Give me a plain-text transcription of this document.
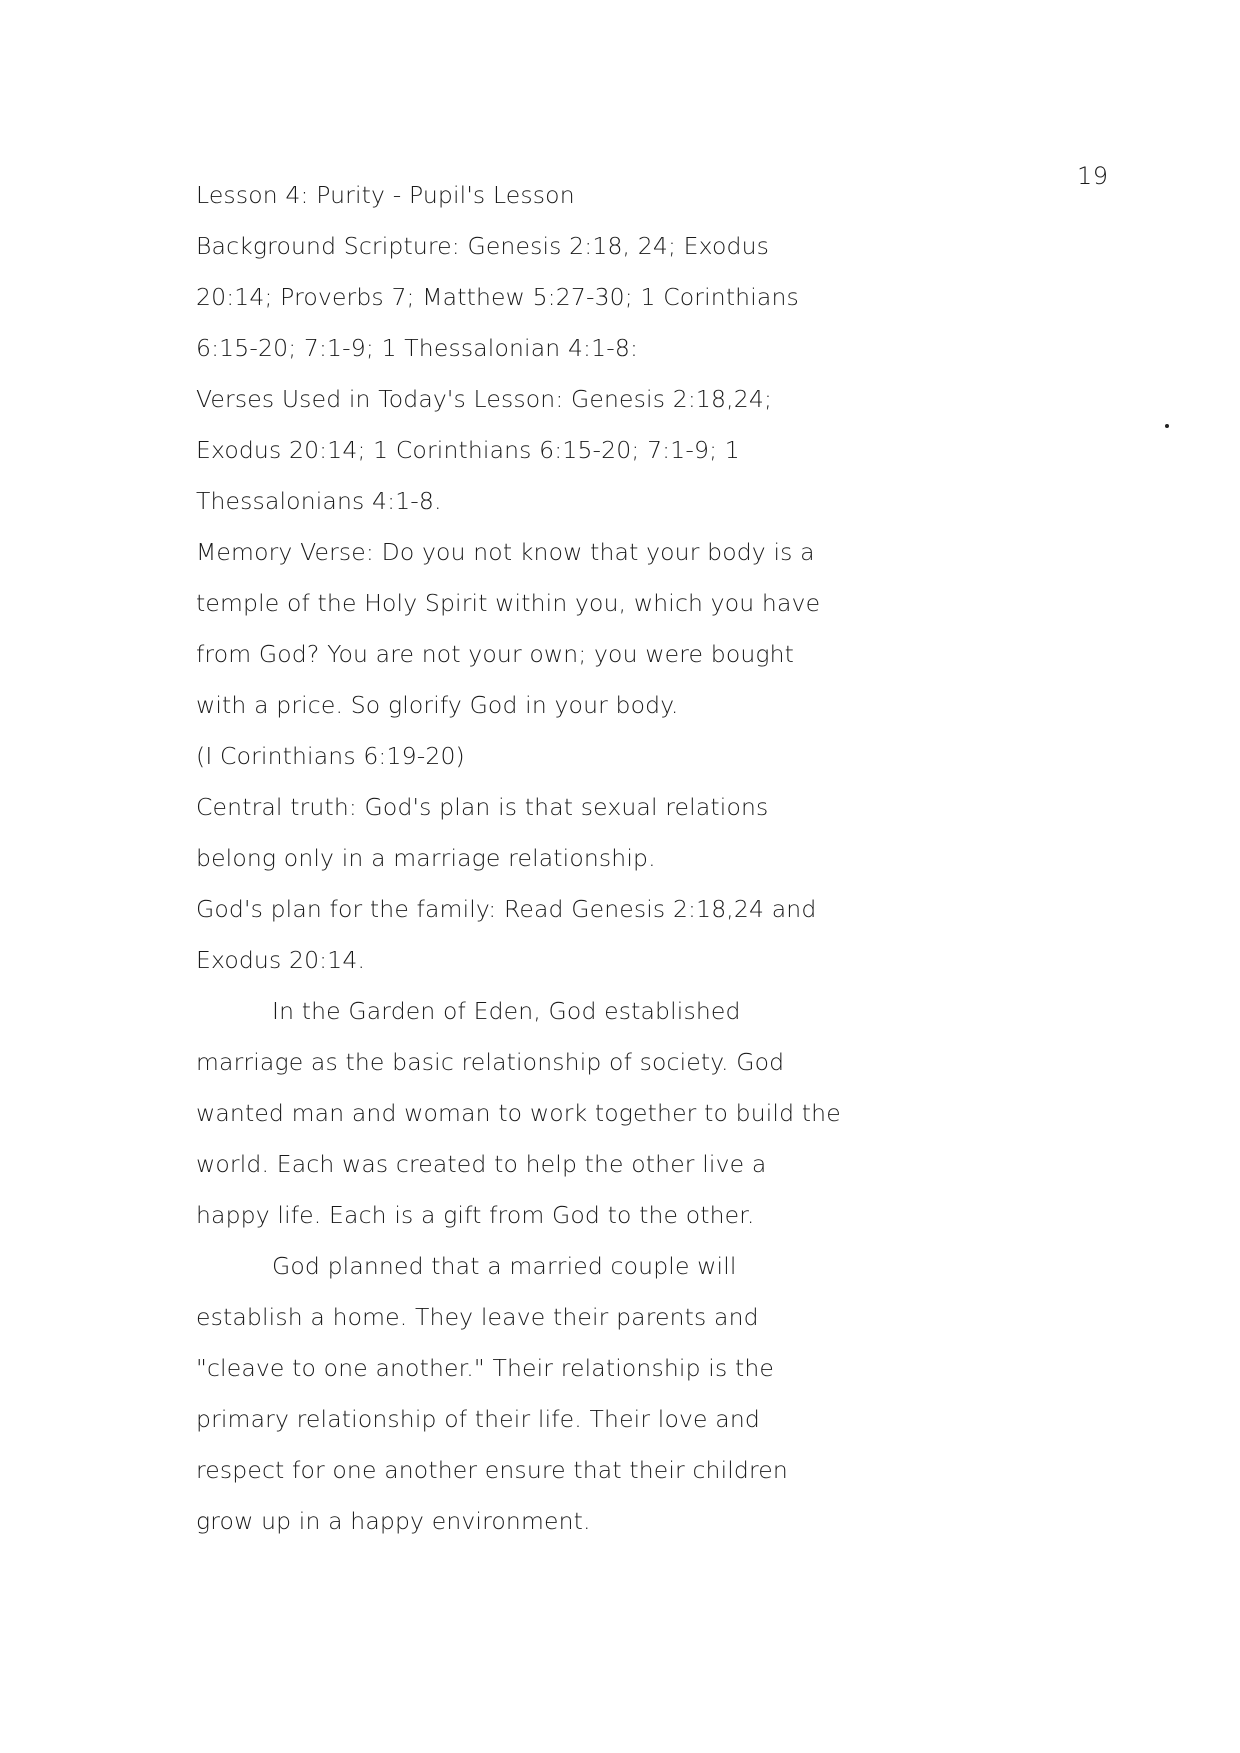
19
Lesson 4: Purity - Pupil's Lesson
Background Scripture: Genesis 2:18, 24; Exodus
20:14; Proverbs 7; Matthew 5:27-30; 1 Corinthians
6:15-20; 7:1-9; 1 Thessalonian 4:1-8:
Verses Used in Today's Lesson: Genesis 2:18,24;
Exodus 20:14; 1 Corinthians 6:15-20; 7:1-9; 1
Thessalonians 4:1-8.
Memory Verse: Do you not know that your body is a
temple of the Holy Spirit within you, which you have
from God? You are not your own; you were bought
with a price. So glorify God in your body.
(I Corinthians 6:19-20)
Central truth: God's plan is that sexual relations
belong only in a marriage relationship.
God's plan for the family: Read Genesis 2:18,24 and
Exodus 20:14.
In the Garden of Eden, God established
marriage as the basic relationship of society. God
wanted man and woman to work together to build the
world. Each was created to help the other live a
happy life. Each is a gift from God to the other.
God planned that a married couple will
establish a home. They leave their parents and
"cleave to one another." Their relationship is the
primary relationship of their life. Their love and
respect for one another ensure that their children
grow up in a happy environment.
